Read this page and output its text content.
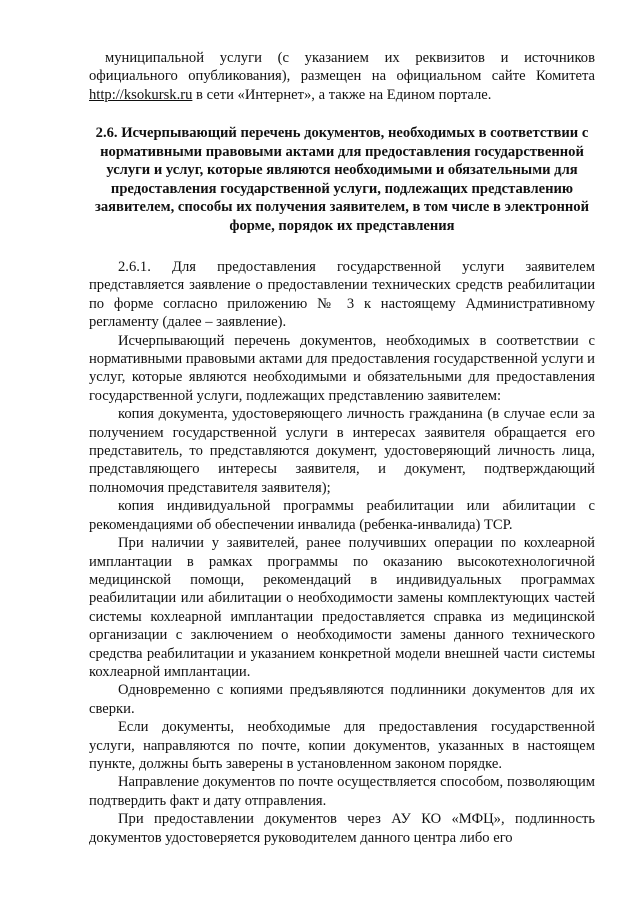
муниципальной услуги (с указанием их реквизитов и источников официального опубликования), размещен на официальном сайте Комитета http://ksokursk.ru в сети «Интернет», а также на Едином портале.

2.6. Исчерпывающий перечень документов, необходимых в соответствии с нормативными правовыми актами для предоставления государственной услуги и услуг, которые являются необходимыми и обязательными для предоставления государственной услуги, подлежащих представлению заявителем, способы их получения заявителем, в том числе в электронной форме, порядок их представления

2.6.1. Для предоставления государственной услуги заявителем представляется заявление о предоставлении технических средств реабилитации по форме согласно приложению № 3 к настоящему Административному регламенту (далее – заявление).

Исчерпывающий перечень документов, необходимых в соответствии с нормативными правовыми актами для предоставления государственной услуги и услуг, которые являются необходимыми и обязательными для предоставления государственной услуги, подлежащих представлению заявителем:

копия документа, удостоверяющего личность гражданина (в случае если за получением государственной услуги в интересах заявителя обращается его представитель, то представляются документ, удостоверяющий личность лица, представляющего интересы заявителя, и документ, подтверждающий полномочия представителя заявителя);

копия индивидуальной программы реабилитации или абилитации с рекомендациями об обеспечении инвалида (ребенка-инвалида) ТСР.

При наличии у заявителей, ранее получивших операции по кохлеарной имплантации в рамках программы по оказанию высокотехнологичной медицинской помощи, рекомендаций в индивидуальных программах реабилитации или абилитации о необходимости замены комплектующих частей системы кохлеарной имплантации предоставляется справка из медицинской организации с заключением о необходимости замены данного технического средства реабилитации и указанием конкретной модели внешней части системы кохлеарной имплантации.

Одновременно с копиями предъявляются подлинники документов для их сверки.

Если документы, необходимые для предоставления государственной услуги, направляются по почте, копии документов, указанных в настоящем пункте, должны быть заверены в установленном законом порядке.

Направление документов по почте осуществляется способом, позволяющим подтвердить факт и дату отправления.

При предоставлении документов через АУ КО «МФЦ», подлинность документов удостоверяется руководителем данного центра либо его
